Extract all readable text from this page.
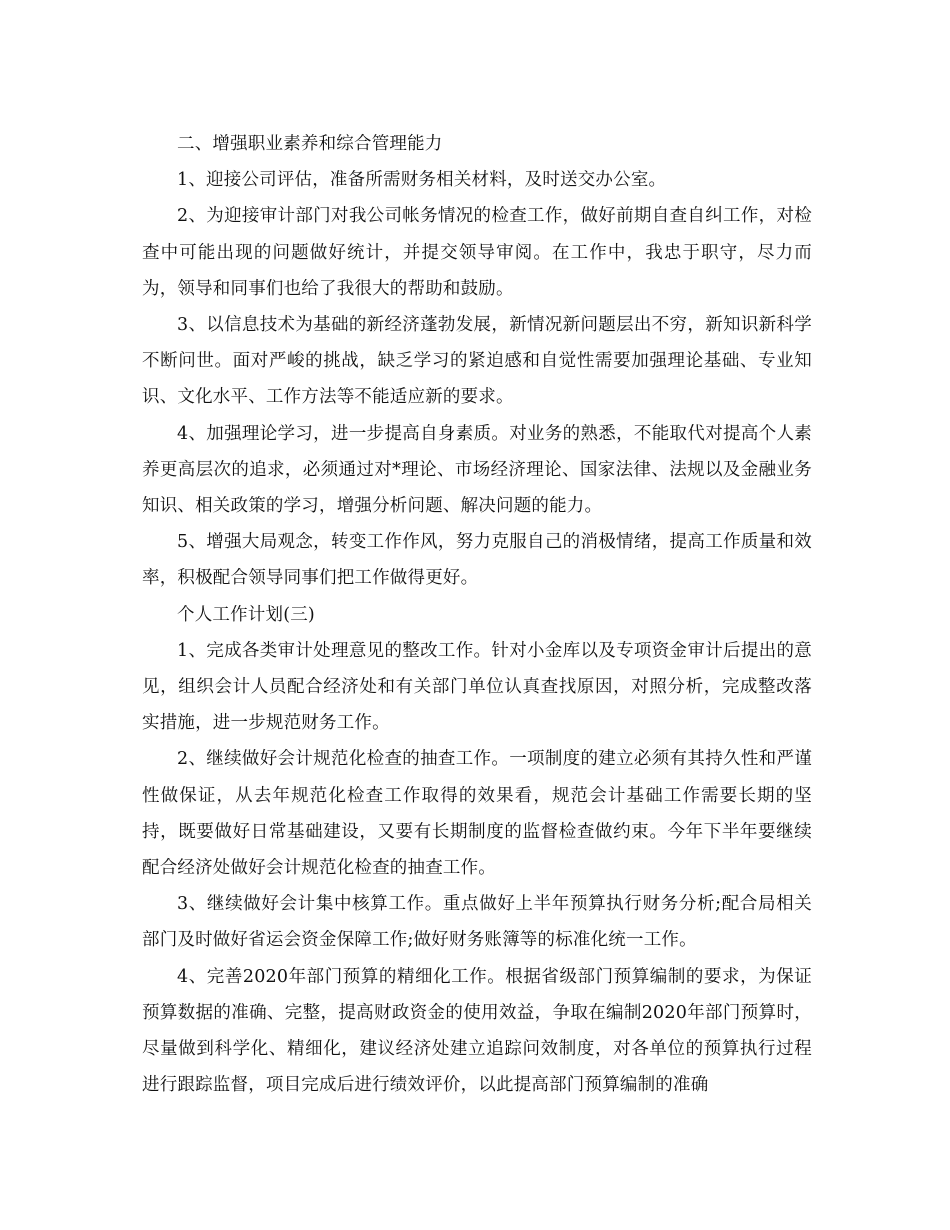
二、增强职业素养和综合管理能力

1、迎接公司评估，准备所需财务相关材料，及时送交办公室。

2、为迎接审计部门对我公司帐务情况的检查工作，做好前期自查自纠工作，对检查中可能出现的问题做好统计，并提交领导审阅。在工作中，我忠于职守，尽力而为，领导和同事们也给了我很大的帮助和鼓励。

3、以信息技术为基础的新经济蓬勃发展，新情况新问题层出不穷，新知识新科学不断问世。面对严峻的挑战，缺乏学习的紧迫感和自觉性需要加强理论基础、专业知识、文化水平、工作方法等不能适应新的要求。

4、加强理论学习，进一步提高自身素质。对业务的熟悉，不能取代对提高个人素养更高层次的追求，必须通过对*理论、市场经济理论、国家法律、法规以及金融业务知识、相关政策的学习，增强分析问题、解决问题的能力。

5、增强大局观念，转变工作作风，努力克服自己的消极情绪，提高工作质量和效率，积极配合领导同事们把工作做得更好。

个人工作计划(三)

1、完成各类审计处理意见的整改工作。针对小金库以及专项资金审计后提出的意见，组织会计人员配合经济处和有关部门单位认真查找原因，对照分析，完成整改落实措施，进一步规范财务工作。

2、继续做好会计规范化检查的抽查工作。一项制度的建立必须有其持久性和严谨性做保证，从去年规范化检查工作取得的效果看，规范会计基础工作需要长期的坚持，既要做好日常基础建设，又要有长期制度的监督检查做约束。今年下半年要继续配合经济处做好会计规范化检查的抽查工作。

3、继续做好会计集中核算工作。重点做好上半年预算执行财务分析;配合局相关部门及时做好省运会资金保障工作;做好财务账簿等的标准化统一工作。

4、完善2020年部门预算的精细化工作。根据省级部门预算编制的要求，为保证预算数据的准确、完整，提高财政资金的使用效益，争取在编制2020年部门预算时，尽量做到科学化、精细化，建议经济处建立追踪问效制度，对各单位的预算执行过程进行跟踪监督，项目完成后进行绩效评价，以此提高部门预算编制的准确
